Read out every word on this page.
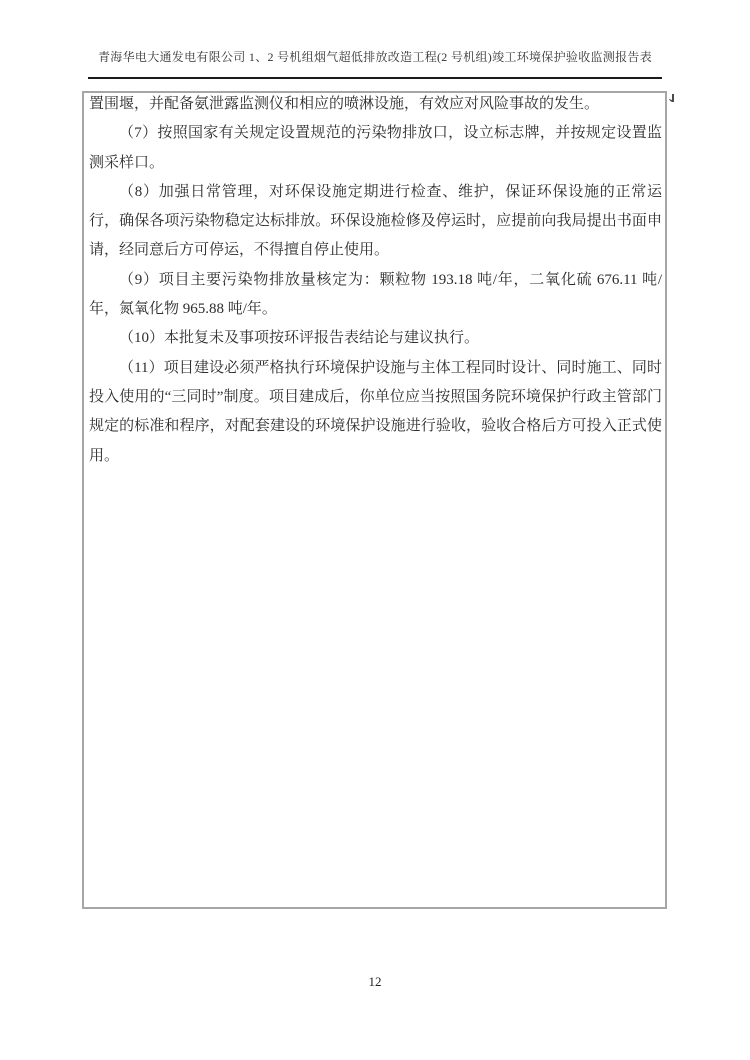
青海华电大通发电有限公司 1、2 号机组烟气超低排放改造工程(2 号机组)竣工环境保护验收监测报告表

置围堰，并配备氨泄露监测仪和相应的喷淋设施，有效应对风险事故的发生。

（7）按照国家有关规定设置规范的污染物排放口，设立标志牌，并按规定设置监测采样口。

（8）加强日常管理，对环保设施定期进行检查、维护，保证环保设施的正常运行，确保各项污染物稳定达标排放。环保设施检修及停运时，应提前向我局提出书面申请，经同意后方可停运，不得擅自停止使用。

（9）项目主要污染物排放量核定为：颗粒物 193.18 吨/年，二氧化硫 676.11 吨/年，氮氧化物 965.88 吨/年。

（10）本批复未及事项按环评报告表结论与建议执行。

（11）项目建设必须严格执行环境保护设施与主体工程同时设计、同时施工、同时投入使用的“三同时”制度。项目建成后，你单位应当按照国务院环境保护行政主管部门规定的标准和程序，对配套建设的环境保护设施进行验收，验收合格后方可投入正式使用。

12
